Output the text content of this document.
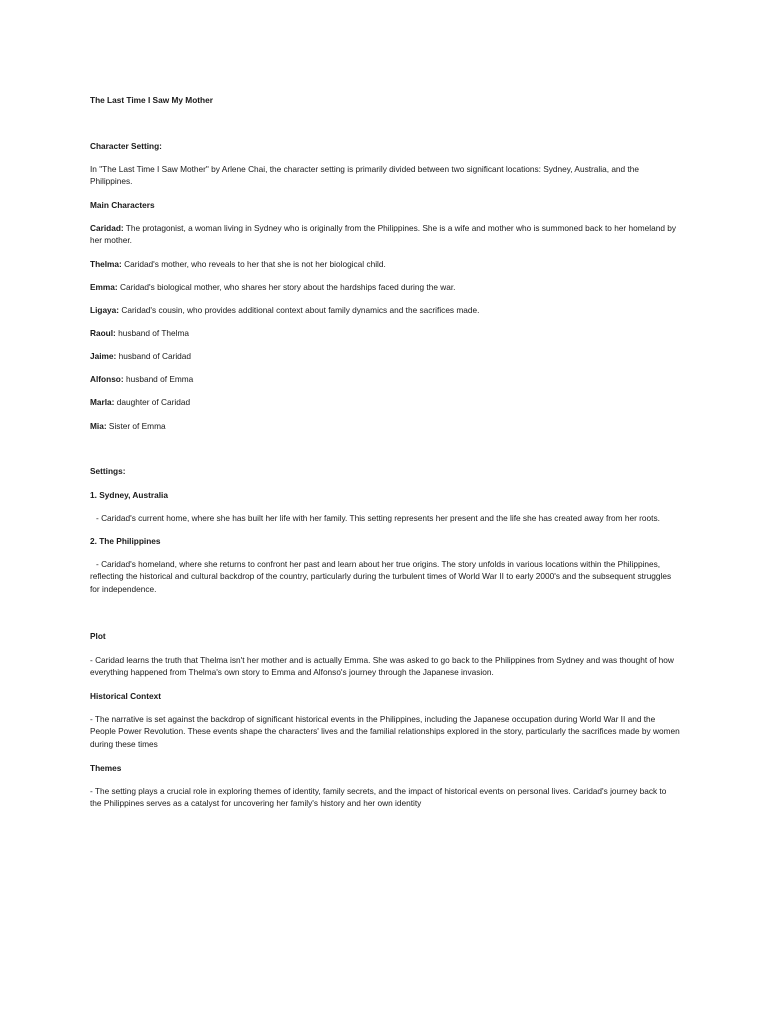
The Last Time I Saw My Mother

Character Setting:

In "The Last Time I Saw Mother" by Arlene Chai, the character setting is primarily divided between two significant locations: Sydney, Australia, and the Philippines.

Main Characters

Caridad: The protagonist, a woman living in Sydney who is originally from the Philippines. She is a wife and mother who is summoned back to her homeland by her mother.

Thelma: Caridad's mother, who reveals to her that she is not her biological child.

Emma: Caridad's biological mother, who shares her story about the hardships faced during the war.

Ligaya: Caridad's cousin, who provides additional context about family dynamics and the sacrifices made.

Raoul: husband of Thelma

Jaime: husband of Caridad

Alfonso: husband of Emma

Marla: daughter of Caridad

Mia: Sister of Emma

Settings:

1. Sydney, Australia

- Caridad's current home, where she has built her life with her family. This setting represents her present and the life she has created away from her roots.

2. The Philippines

- Caridad's homeland, where she returns to confront her past and learn about her true origins. The story unfolds in various locations within the Philippines, reflecting the historical and cultural backdrop of the country, particularly during the turbulent times of World War II to early 2000's and the subsequent struggles for independence.

Plot

- Caridad learns the truth that Thelma isn't her mother and is actually Emma. She was asked to go back to the Philippines from Sydney and was thought of how everything happened from Thelma's own story to Emma and Alfonso's journey through the Japanese invasion.

Historical Context

- The narrative is set against the backdrop of significant historical events in the Philippines, including the Japanese occupation during World War II and the People Power Revolution. These events shape the characters' lives and the familial relationships explored in the story, particularly the sacrifices made by women during these times

Themes

- The setting plays a crucial role in exploring themes of identity, family secrets, and the impact of historical events on personal lives. Caridad's journey back to the Philippines serves as a catalyst for uncovering her family's history and her own identity
